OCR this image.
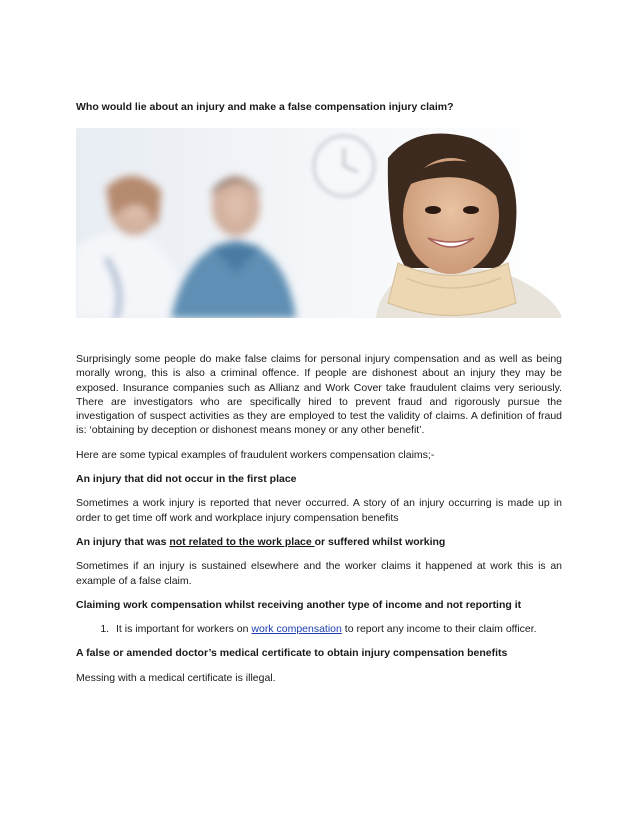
Who would lie about an injury and make a false compensation injury claim?

Surprisingly some people do make false claims for personal injury compensation and as well as being morally wrong, this is also a criminal offence. If people are dishonest about an injury they may be exposed. Insurance companies such as Allianz and Work Cover take fraudulent claims very seriously. There are investigators who are specifically hired to prevent fraud and rigorously pursue the investigation of suspect activities as they are employed to test the validity of claims. A definition of fraud is: ‘obtaining by deception or dishonest means money or any other benefit’.

Here are some typical examples of fraudulent workers compensation claims;-

An injury that did not occur in the first place

Sometimes a work injury is reported that never occurred. A story of an injury occurring is made up in order to get time off work and workplace injury compensation benefits

An injury that was not related to the work place or suffered whilst working

Sometimes if an injury is sustained elsewhere and the worker claims it happened at work this is an example of a false claim.

Claiming work compensation whilst receiving another type of income and not reporting it

1. It is important for workers on work compensation to report any income to their claim officer.

A false or amended doctor’s medical certificate to obtain injury compensation benefits

Messing with a medical certificate is illegal.
